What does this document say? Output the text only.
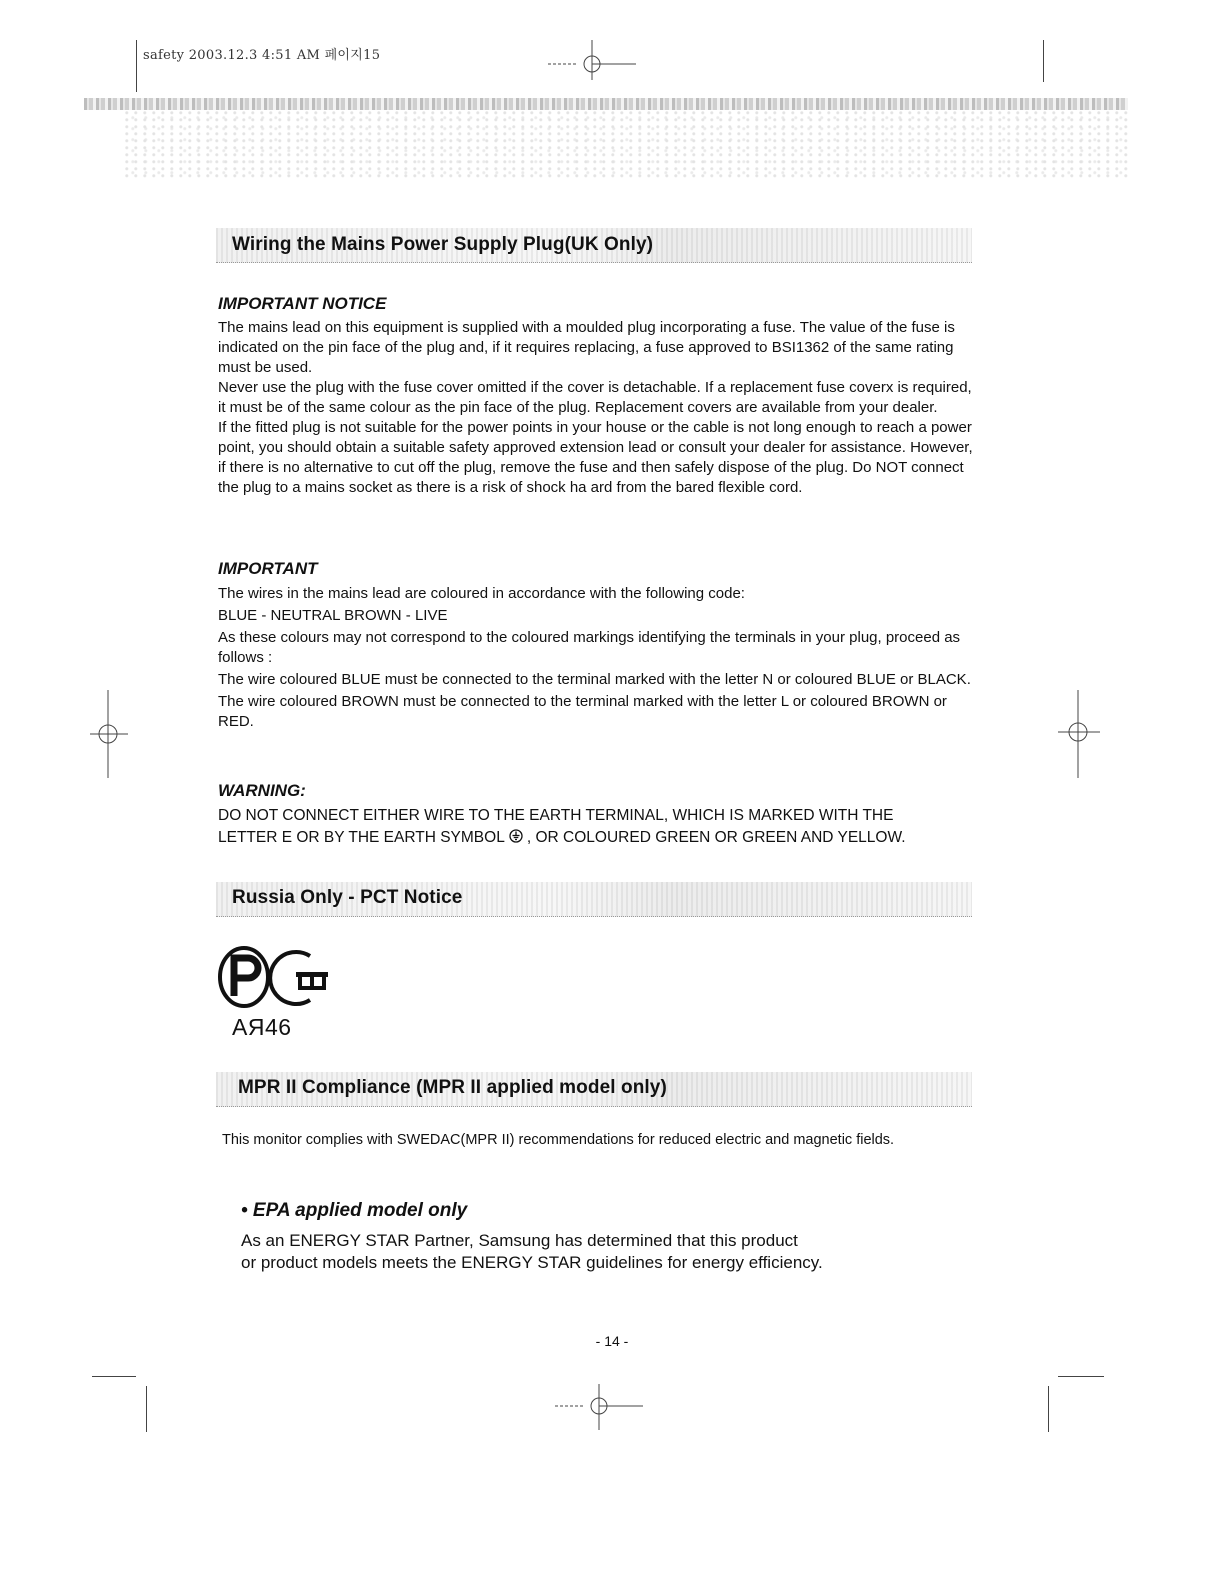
safety 2003.12.3 4:51 AM 페이지15
Wiring the Mains Power Supply Plug(UK Only)
IMPORTANT NOTICE

The mains lead on this equipment is supplied with a moulded plug incorporating a fuse. The value of the fuse is indicated on the pin face of the plug and, if it requires replacing, a fuse approved to BSI1362 of the same rating must be used.

Never use the plug with the fuse cover omitted if the cover is detachable. If a replacement fuse coverx is required, it must be of the same colour as the pin face of the plug. Replacement covers are available from your dealer.

If the fitted plug is not suitable for the power points in your house or the cable is not long enough to reach a power point, you should obtain a suitable safety approved extension lead or consult your dealer for assistance. However, if there is no alternative to cut off the plug, remove the fuse and then safely dispose of the plug. Do NOT connect the plug to a mains socket as there is a risk of shock ha ard from the bared flexible cord.

IMPORTANT

The wires in the mains lead are coloured in accordance with the following code:

BLUE - NEUTRAL BROWN - LIVE

As these colours may not correspond to the coloured markings identifying the terminals in your plug, proceed as follows :

The wire coloured BLUE must be connected to the terminal marked with the letter N or coloured BLUE or BLACK.

The wire coloured BROWN must be connected to the terminal marked with the letter L or coloured BROWN or RED.

WARNING:

DO NOT CONNECT EITHER WIRE TO THE EARTH TERMINAL, WHICH IS MARKED WITH THE

LETTER E OR BY THE EARTH SYMBOL  , OR COLOURED GREEN OR GREEN AND YELLOW.

Russia Only - PCT Notice
AЯ46
MPR II Compliance (MPR II applied model only)
This monitor complies with SWEDAC(MPR II) recommendations for reduced electric and magnetic fields.
• EPA applied model only
As an ENERGY STAR Partner, Samsung has determined that this product
or product models meets the ENERGY STAR guidelines for energy efficiency.
- 14 -
